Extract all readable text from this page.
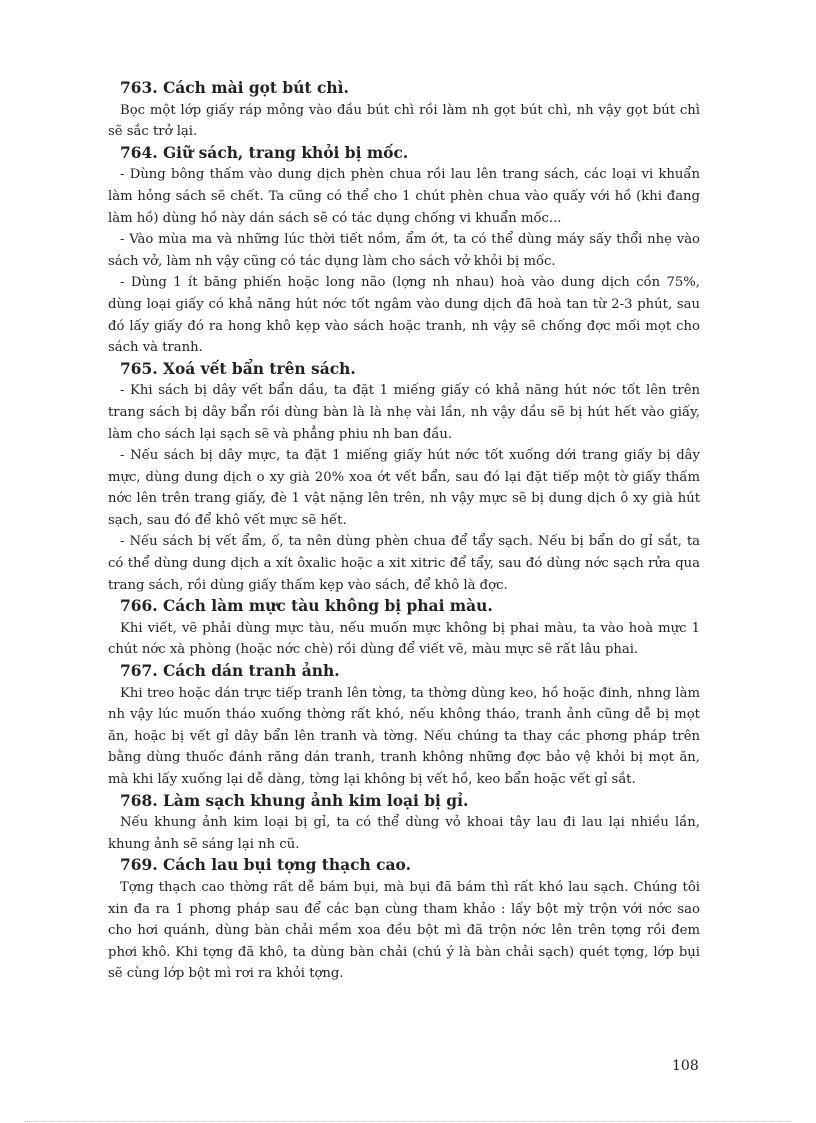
763. Cách mài gọt bút chì.

Bọc một lớp giấy ráp mỏng vào đầu bút chì rồi làm nh gọt bút chì, nh vậy gọt bút chì sẽ sắc trở lại.

764. Giữ sách, trang khỏi bị mốc.

- Dùng bông thấm vào dung dịch phèn chua rồi lau lên trang sách, các loại vi khuẩn làm hỏng sách sẽ chết. Ta cũng có thể cho 1 chút phèn chua vào quấy với hồ (khi đang làm hồ) dùng hồ này dán sách sẽ có tác dụng chống vi khuẩn mốc...

- Vào mùa ma và những lúc thời tiết nồm, ẩm ớt, ta có thể dùng máy sấy thổi nhẹ vào sách vở, làm nh vậy cũng có tác dụng làm cho sách vở khỏi bị mốc.

- Dùng 1 ít băng phiến hoặc long não (lợng nh nhau) hoà vào dung dịch cồn 75%, dùng loại giấy có khả năng hút nớc tốt ngâm vào dung dịch đã hoà tan từ 2-3 phút, sau đó lấy giấy đó ra hong khô kẹp vào sách hoặc tranh, nh vậy sẽ chống đợc mối mọt cho sách và tranh.

765. Xoá vết bẩn trên sách.

- Khi sách bị dây vết bẩn dầu, ta đặt 1 miếng giấy có khả năng hút nớc tốt lên trên trang sách bị dây bẩn rồi dùng bàn là là nhẹ vài lần, nh vậy dầu sẽ bị hút hết vào giấy, làm cho sách lại sạch sẽ và phẳng phiu nh ban đầu.

- Nếu sách bị dây mực, ta đặt 1 miếng giấy hút nớc tốt xuống dới trang giấy bị dây mực, dùng dung dịch o xy già 20% xoa ớt vết bẩn, sau đó lại đặt tiếp một tờ giấy thấm nớc lên trên trang giấy, đè 1 vật nặng lên trên, nh vậy mực sẽ bị dung dịch ô xy già hút sạch, sau đó để khô vết mực sẽ hết.

- Nếu sách bị vết ẩm, ố, ta nên dùng phèn chua để tẩy sạch. Nếu bị bẩn do gỉ sắt, ta có thể dùng dung dịch a xít ôxalic hoặc a xit xitric để tẩy, sau đó dùng nớc sạch rửa qua trang sách, rồi dùng giấy thấm kẹp vào sách, để khô là đợc.

766. Cách làm mực tàu không bị phai màu.

Khi viết, vẽ phải dùng mực tàu, nếu muốn mực không bị phai màu, ta vào hoà mực 1 chút nớc xà phòng (hoặc nớc chè) rồi dùng để viết vẽ, màu mực sẽ rất lâu phai.

767. Cách dán tranh ảnh.

Khi treo hoặc dán trực tiếp tranh lên tờng, ta thờng dùng keo, hồ hoặc đinh, nhng làm nh vậy lúc muốn tháo xuống thờng rất khó, nếu không tháo, tranh ảnh cũng dễ bị mọt ăn, hoặc bị vết gỉ dây bẩn lên tranh và tờng. Nếu chúng ta thay các phơng pháp trên bằng dùng thuốc đánh răng dán tranh, tranh không những đợc bảo vệ khỏi bị mọt ăn, mà khi lấy xuống lại dễ dàng, tờng lại không bị vết hồ, keo bẩn hoặc vết gỉ sắt.

768. Làm sạch khung ảnh kim loại bị gỉ.

Nếu khung ảnh kim loại bị gỉ, ta có thể dùng vỏ khoai tây lau đi lau lại nhiều lần, khung ảnh sẽ sáng lại nh cũ.

769. Cách lau bụi tợng thạch cao.

Tợng thạch cao thờng rất dễ bám bụi, mà bụi đã bám thì rất khó lau sạch. Chúng tôi xin đa ra 1 phơng pháp sau để các bạn cùng tham khảo : lấy bột mỳ trộn với nớc sao cho hơi quánh, dùng bàn chải mềm xoa đều bột mì đã trộn nớc lên trên tợng rồi đem phơi khô. Khi tợng đã khô, ta dùng bàn chải (chú ý là bàn chải sạch) quét tợng, lớp bụi sẽ cùng lớp bột mì rơi ra khỏi tợng.

108
